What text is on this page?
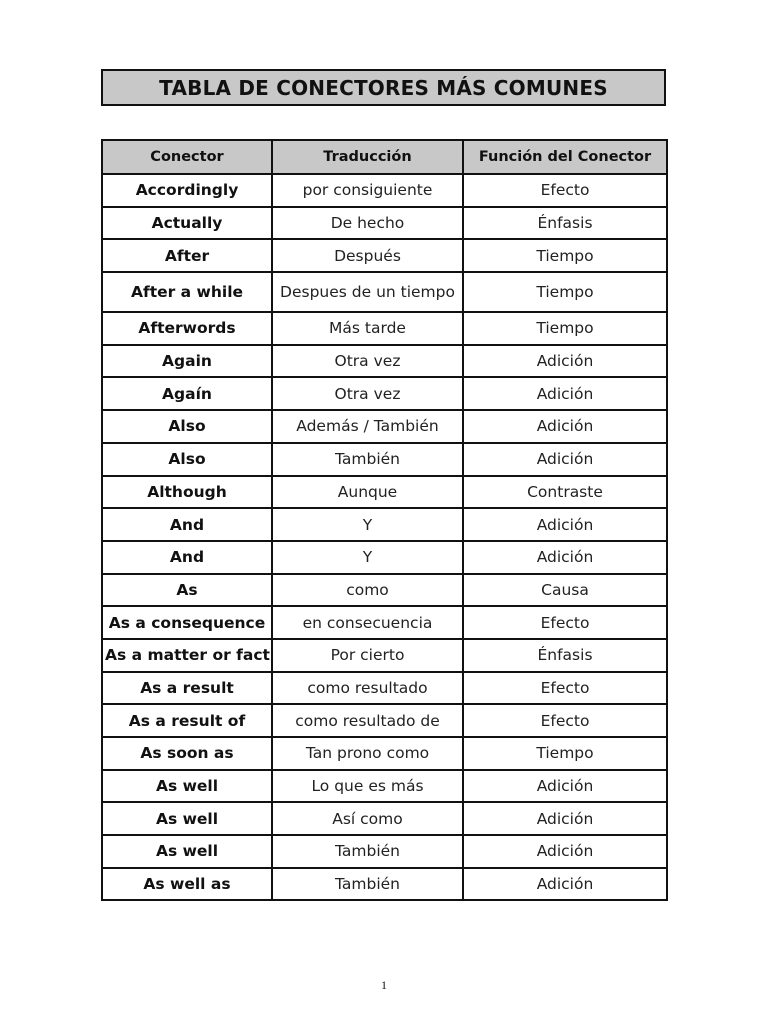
TABLA DE CONECTORES MÁS COMUNES
Conector	Traducción	Función del Conector
Accordingly	por consiguiente	Efecto
Actually	De hecho	Énfasis
After	Después	Tiempo
After a while	Despues de un tiempo	Tiempo
Afterwords	Más tarde	Tiempo
Again	Otra vez	Adición
Agaín	Otra vez	Adición
Also	Además / También	Adición
Also	También	Adición
Although	Aunque	Contraste
And	Y	Adición
And	Y	Adición
As	como	Causa
As a consequence	en consecuencia	Efecto
As a matter or fact	Por cierto	Énfasis
As a result	como resultado	Efecto
As a result of	como resultado de	Efecto
As soon as	Tan prono como	Tiempo
As well	Lo que es más	Adición
As well	Así como	Adición
As well	También	Adición
As well as	También	Adición
1
